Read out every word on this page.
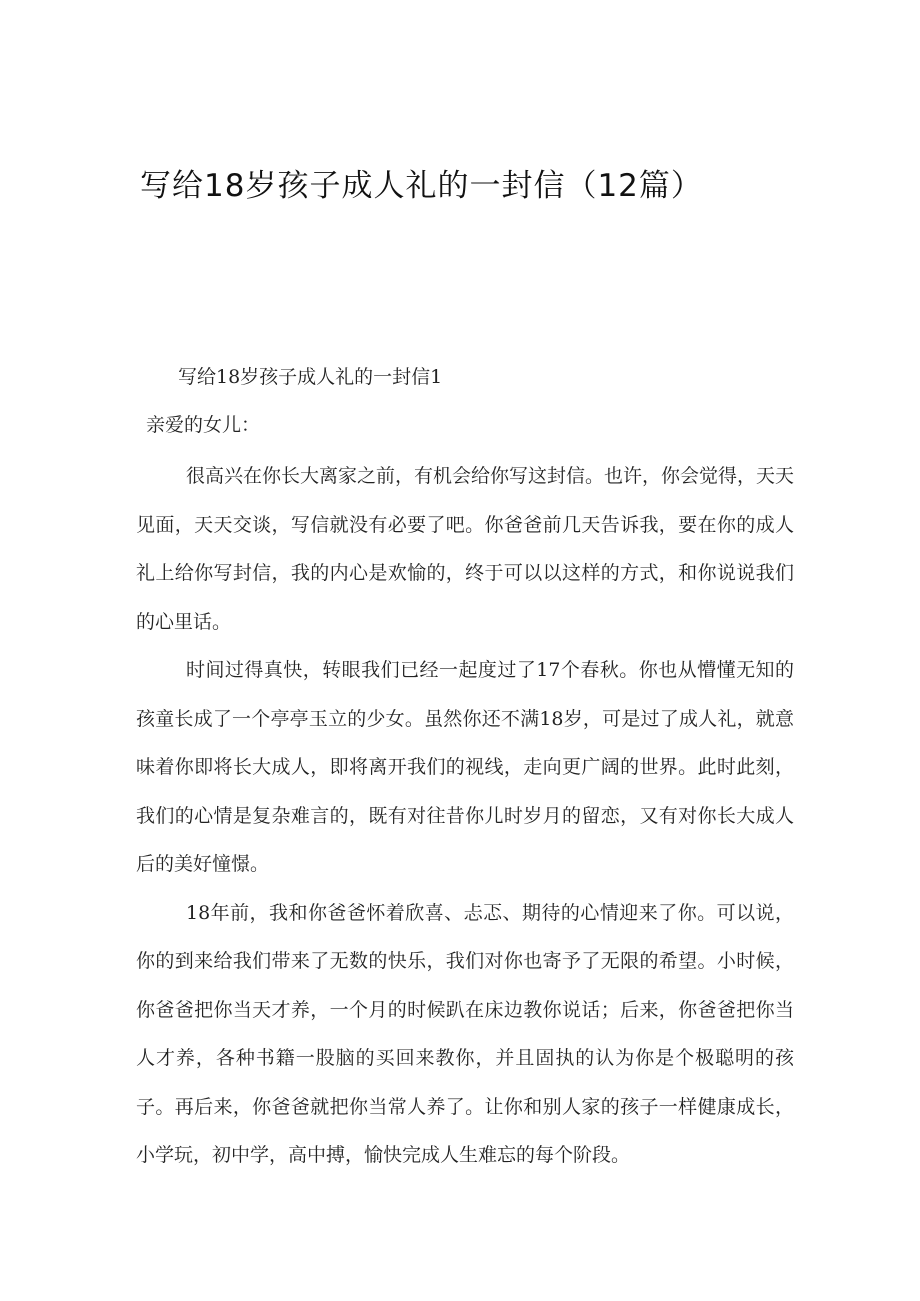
写给18岁孩子成人礼的一封信（12篇）
写给18岁孩子成人礼的一封信1
亲爱的女儿：

很高兴在你长大离家之前，有机会给你写这封信。也许，你会觉得，天天见面，天天交谈，写信就没有必要了吧。你爸爸前几天告诉我，要在你的成人礼上给你写封信，我的内心是欢愉的，终于可以以这样的方式，和你说说我们的心里话。

时间过得真快，转眼我们已经一起度过了17个春秋。你也从懵懂无知的孩童长成了一个亭亭玉立的少女。虽然你还不满18岁，可是过了成人礼，就意味着你即将长大成人，即将离开我们的视线，走向更广阔的世界。此时此刻，我们的心情是复杂难言的，既有对往昔你儿时岁月的留恋，又有对你长大成人后的美好憧憬。

18年前，我和你爸爸怀着欣喜、忐忑、期待的心情迎来了你。可以说，你的到来给我们带来了无数的快乐，我们对你也寄予了无限的希望。小时候，你爸爸把你当天才养，一个月的时候趴在床边教你说话；后来，你爸爸把你当人才养，各种书籍一股脑的买回来教你，并且固执的认为你是个极聪明的孩子。再后来，你爸爸就把你当常人养了。让你和别人家的孩子一样健康成长，小学玩，初中学，高中搏，愉快完成人生难忘的每个阶段。
